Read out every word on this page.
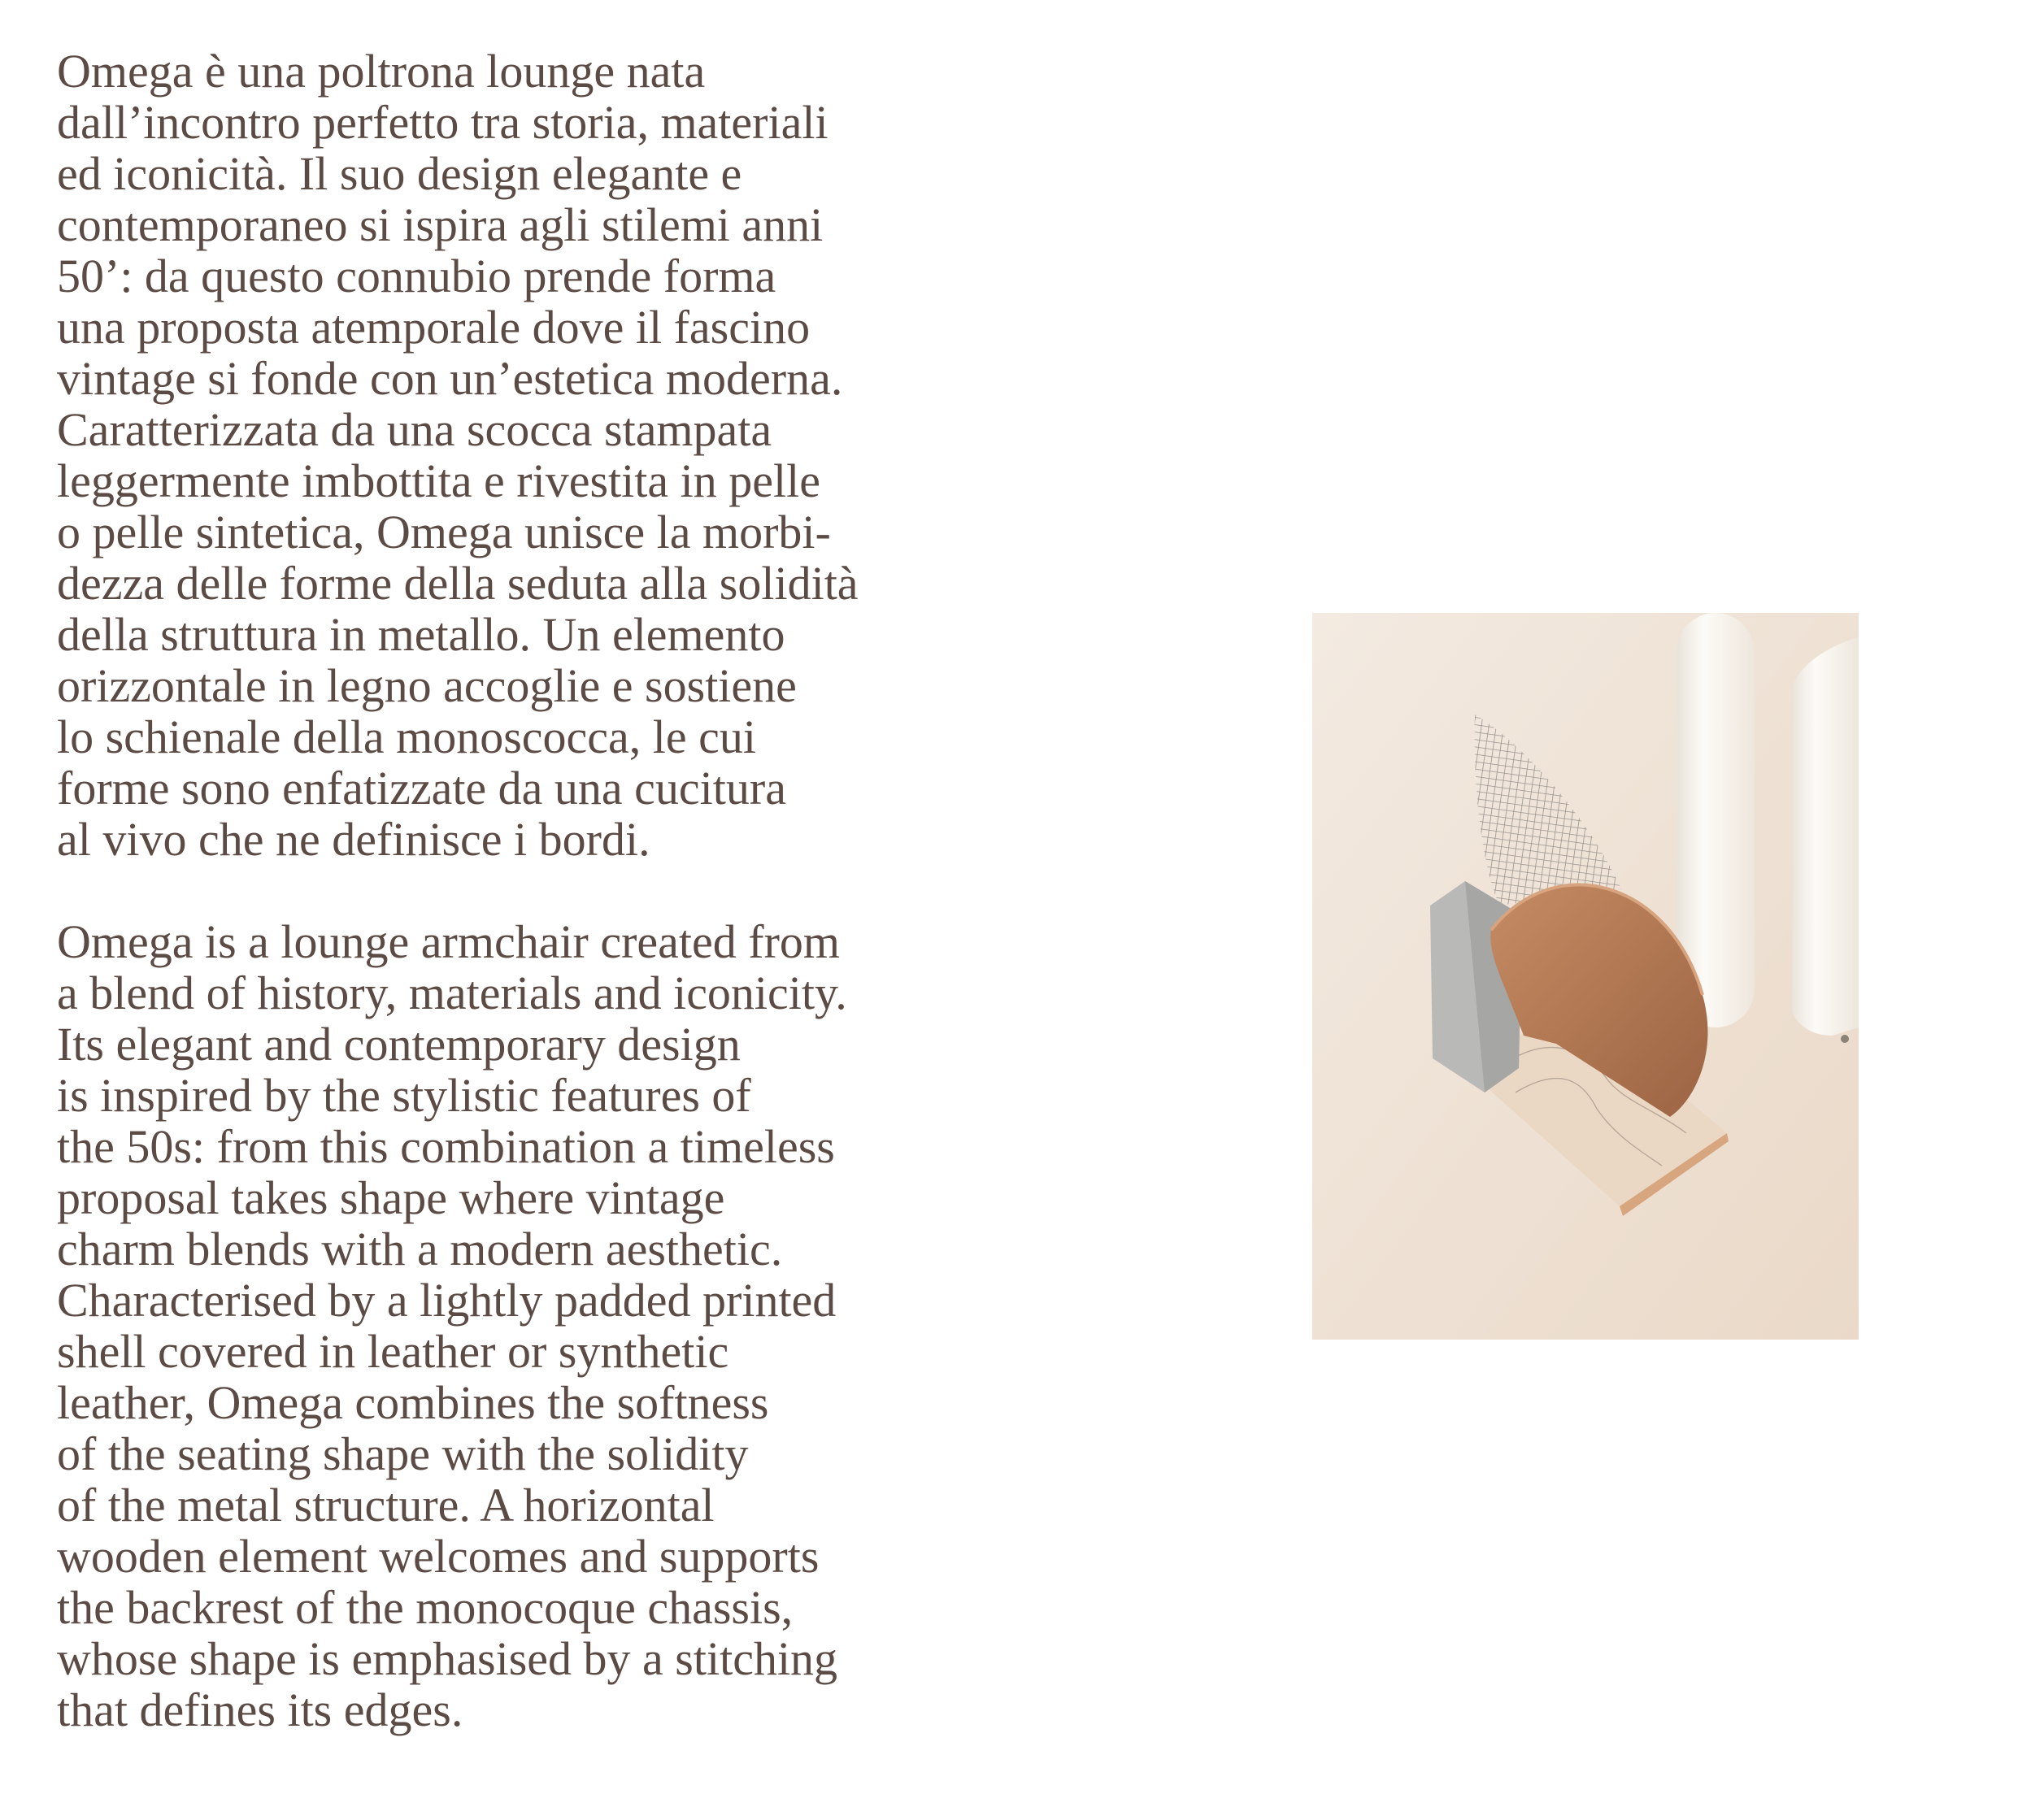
Omega è una poltrona lounge nata
dall’incontro perfetto tra storia, materiali
ed iconicità. Il suo design elegante e
contemporaneo si ispira agli stilemi anni
50’: da questo connubio prende forma
una proposta atemporale dove il fascino
vintage si fonde con un’estetica moderna.
Caratterizzata da una scocca stampata
leggermente imbottita e rivestita in pelle
o pelle sintetica, Omega unisce la morbi-
dezza delle forme della seduta alla solidità
della struttura in metallo. Un elemento
orizzontale in legno accoglie e sostiene
lo schienale della monoscocca, le cui
forme sono enfatizzate da una cucitura
al vivo che ne definisce i bordi.
Omega is a lounge armchair created from
a blend of history, materials and iconicity.
Its elegant and contemporary design
is inspired by the stylistic features of
the 50s: from this combination a timeless
proposal takes shape where vintage
charm blends with a modern aesthetic.
Characterised by a lightly padded printed
shell covered in leather or synthetic
leather, Omega combines the softness
of the seating shape with the solidity
of the metal structure. A horizontal
wooden element welcomes and supports
the backrest of the monocoque chassis,
whose shape is emphasised by a stitching
that defines its edges.
